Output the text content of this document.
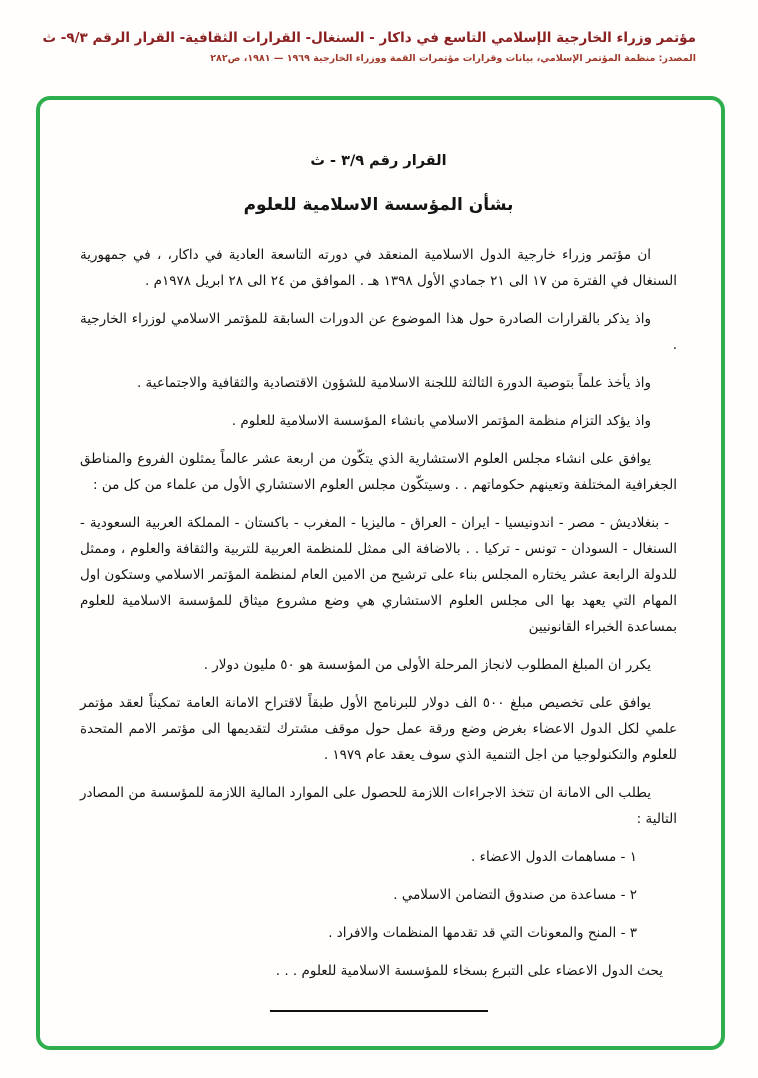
مؤتمر وزراء الخارجية الإسلامي التاسع في داكار - السنغال- القرارات الثقافية- القرار الرقم ٩/٣- ث
المصدر: منظمة المؤتمر الإسلامي، بيانات وقرارات مؤتمرات القمة ووزراء الخارجية ١٩٦٩ — ١٩٨١، ص٢٨٢
القرار رقم ٣/٩ - ث
بشأن المؤسسة الاسلامية للعلوم

ان مؤتمر وزراء خارجية الدول الاسلامية المنعقد في دورته التاسعة العادية في داكار، ، في جمهورية السنغال في الفترة من ١٧ الى ٢١ جمادي الأول ١٣٩٨ هـ . الموافق من ٢٤ الى ٢٨ ابريل ١٩٧٨م .

واذ يذكر بالقرارات الصادرة حول هذا الموضوع عن الدورات السابقة للمؤتمر الاسلامي لوزراء الخارجية .

واذ يأخذ علماً بتوصية الدورة الثالثة لللجنة الاسلامية للشؤون الاقتصادية والثقافية والاجتماعية .

واذ يؤكد التزام منظمة المؤتمر الاسلامي بانشاء المؤسسة الاسلامية للعلوم .

يوافق على انشاء مجلس العلوم الاستشارية الذي يتكّون من اربعة عشر عالماً يمثلون الفروع والمناطق الجغرافية المختلفة وتعينهم حكوماتهم . . وسيتكّون مجلس العلوم الاستشاري الأول من علماء من كل من :

- بنغلاديش - مصر - اندونيسيا - ايران - العراق - ماليزيا - المغرب - باكستان - المملكة العربية السعودية - السنغال - السودان - تونس - تركيا . . بالاضافة الى ممثل للمنظمة العربية للتربية والثقافة والعلوم ، وممثل للدولة الرابعة عشر يختاره المجلس بناء على ترشيح من الامين العام لمنظمة المؤتمر الاسلامي وستكون اول المهام التي يعهد بها الى مجلس العلوم الاستشاري هي وضع مشروع ميثاق للمؤسسة الاسلامية للعلوم بمساعدة الخبراء القانونيين

يكرر ان المبلغ المطلوب لانجاز المرحلة الأولى من المؤسسة هو ٥٠ مليون دولار .

يوافق على تخصيص مبلغ ٥٠٠ الف دولار للبرنامج الأول طبقاً لاقتراح الامانة العامة تمكيناً لعقد مؤتمر علمي لكل الدول الاعضاء بغرض وضع ورقة عمل حول موقف مشترك لتقديمها الى مؤتمر الامم المتحدة للعلوم والتكنولوجيا من اجل التنمية الذي سوف يعقد عام ١٩٧٩ .

يطلب الى الامانة ان تتخذ الاجراءات اللازمة للحصول على الموارد المالية اللازمة للمؤسسة من المصادر التالية :

١ - مساهمات الدول الاعضاء .

٢ - مساعدة من صندوق التضامن الاسلامي .

٣ - المنح والمعونات التي قد تقدمها المنظمات والافراد .

يحث الدول الاعضاء على التبرع بسخاء للمؤسسة الاسلامية للعلوم . . .
